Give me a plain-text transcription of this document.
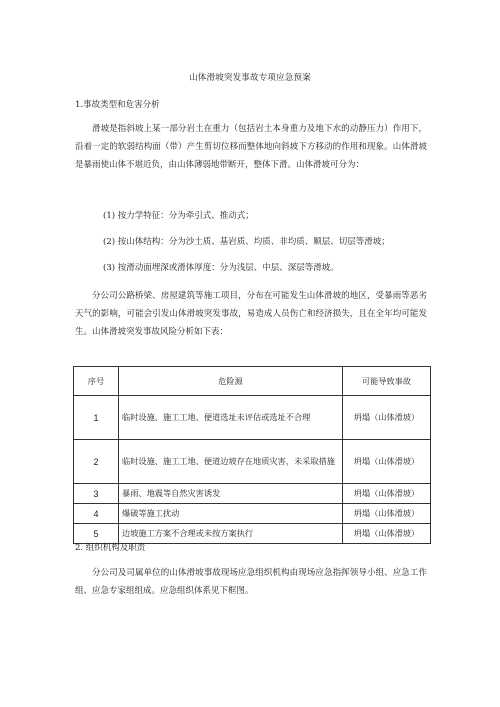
山体滑坡突发事故专项应急预案
1.事故类型和危害分析

滑坡是指斜坡上某一部分岩土在重力（包括岩土本身重力及地下水的动静压力）作用下，沿着一定的软弱结构面（带）产生剪切位移而整体地向斜坡下方移动的作用和现象。山体滑坡是暴雨使山体不堪近负，由山体薄弱地带断开，整体下滑。山体滑坡可分为：

(1) 按力学特征：分为牵引式、推动式；
(2) 按山体结构：分为沙土质、基岩质、均质、非均质、顺层、切层等滑坡；
(3) 按滑动面埋深或滑体厚度：分为浅层、中层、深层等滑坡。

分公司公路桥梁、房屋建筑等施工项目，分布在可能发生山体滑坡的地区，受暴雨等恶劣天气的影响，可能会引发山体滑坡突发事故，易造成人员伤亡和经济损失，且在全年均可能发生。山体滑坡突发事故风险分析如下表：

序号	危险源	可能导致事故
1	临时设施、施工工地、便道选址未评估或选址不合理	坍塌（山体滑坡）
2	临时设施、施工工地、便道边坡存在地质灾害，未采取措施	坍塌（山体滑坡）
3	暴雨、地震等自然灾害诱发	坍塌（山体滑坡）
4	爆破等施工扰动	坍塌（山体滑坡）
5	边坡施工方案不合理或未按方案执行	坍塌（山体滑坡）
2. 组织机构及职责

分公司及司属单位的山体滑坡事故现场应急组织机构由现场应急指挥领导小组、应急工作组、应急专家组组成。应急组织体系见下框图。
